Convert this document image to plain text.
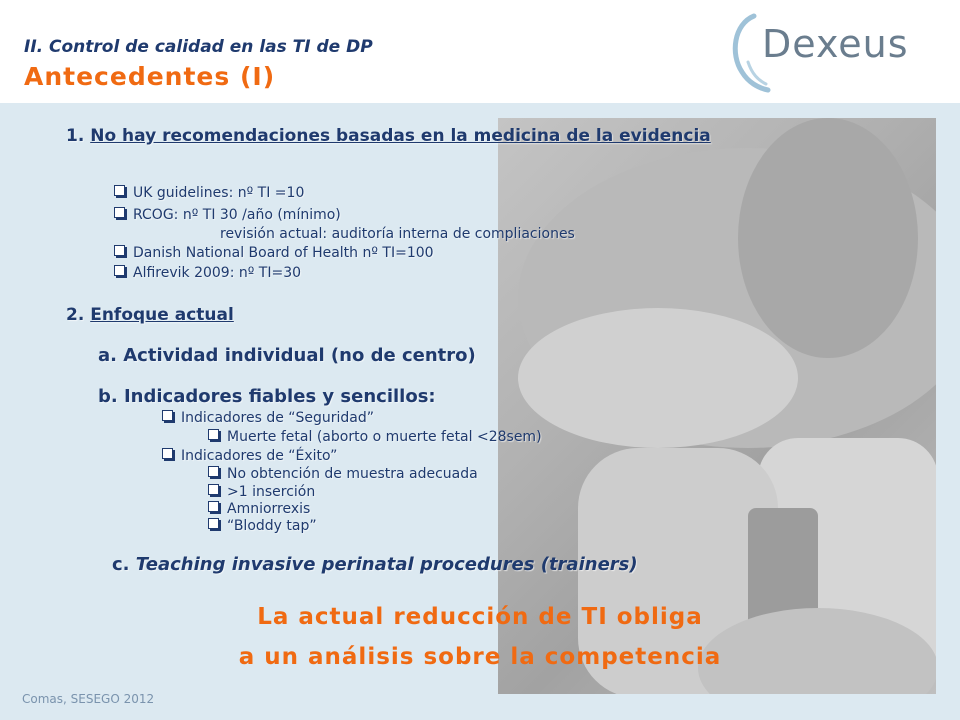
II. Control de calidad en las TI de DP
Antecedentes (I)
Dexeus
1. No hay recomendaciones basadas en la medicina de la evidencia
UK guidelines: nº TI =10
RCOG: nº TI 30 /año (mínimo)
revisión actual: auditoría interna de compliaciones
Danish National Board of Health nº TI=100
Alfirevik 2009: nº TI=30
2. Enfoque actual
a. Actividad individual (no de centro)
b. Indicadores fiables y sencillos:
Indicadores de “Seguridad”
Muerte fetal (aborto o muerte fetal <28sem)
Indicadores de “Éxito”
No obtención de muestra adecuada
>1 inserción
Amniorrexis
“Bloddy tap”
c. Teaching invasive perinatal procedures (trainers)
La actual reducción de TI obliga
a un análisis sobre la competencia
Comas, SESEGO 2012
